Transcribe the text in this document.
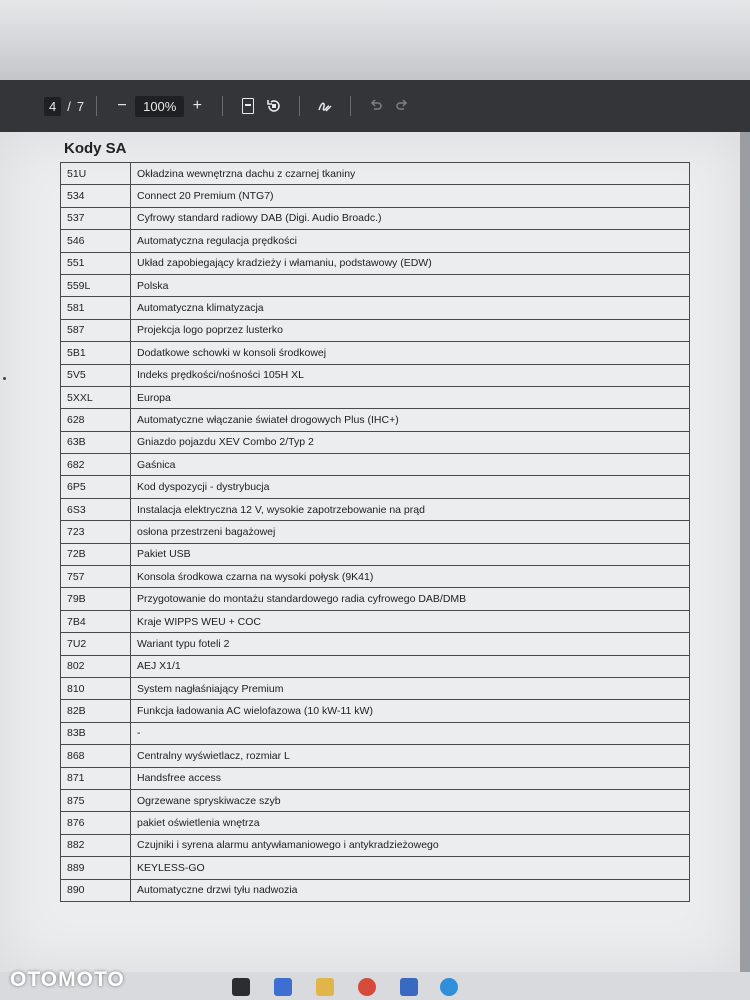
4 / 7	−	100%	+
Kody SA
51U	Okładzina wewnętrzna dachu z czarnej tkaniny
534	Connect 20 Premium (NTG7)
537	Cyfrowy standard radiowy DAB (Digi. Audio Broadc.)
546	Automatyczna regulacja prędkości
551	Układ zapobiegający kradzieży i włamaniu, podstawowy (EDW)
559L	Polska
581	Automatyczna klimatyzacja
587	Projekcja logo poprzez lusterko
5B1	Dodatkowe schowki w konsoli środkowej
5V5	Indeks prędkości/nośności 105H XL
5XXL	Europa
628	Automatyczne włączanie świateł drogowych Plus (IHC+)
63B	Gniazdo pojazdu XEV Combo 2/Typ 2
682	Gaśnica
6P5	Kod dyspozycji - dystrybucja
6S3	Instalacja elektryczna 12 V, wysokie zapotrzebowanie na prąd
723	osłona przestrzeni bagażowej
72B	Pakiet USB
757	Konsola środkowa czarna na wysoki połysk (9K41)
79B	Przygotowanie do montażu standardowego radia cyfrowego DAB/DMB
7B4	Kraje WIPPS WEU + COC
7U2	Wariant typu foteli 2
802	AEJ X1/1
810	System nagłaśniający Premium
82B	Funkcja ładowania AC wielofazowa (10 kW-11 kW)
83B	-
868	Centralny wyświetlacz, rozmiar L
871	Handsfree access
875	Ogrzewane spryskiwacze szyb
876	pakiet oświetlenia wnętrza
882	Czujniki i syrena alarmu antywłamaniowego i antykradzieżowego
889	KEYLESS-GO
890	Automatyczne drzwi tyłu nadwozia
OTOMOTO
